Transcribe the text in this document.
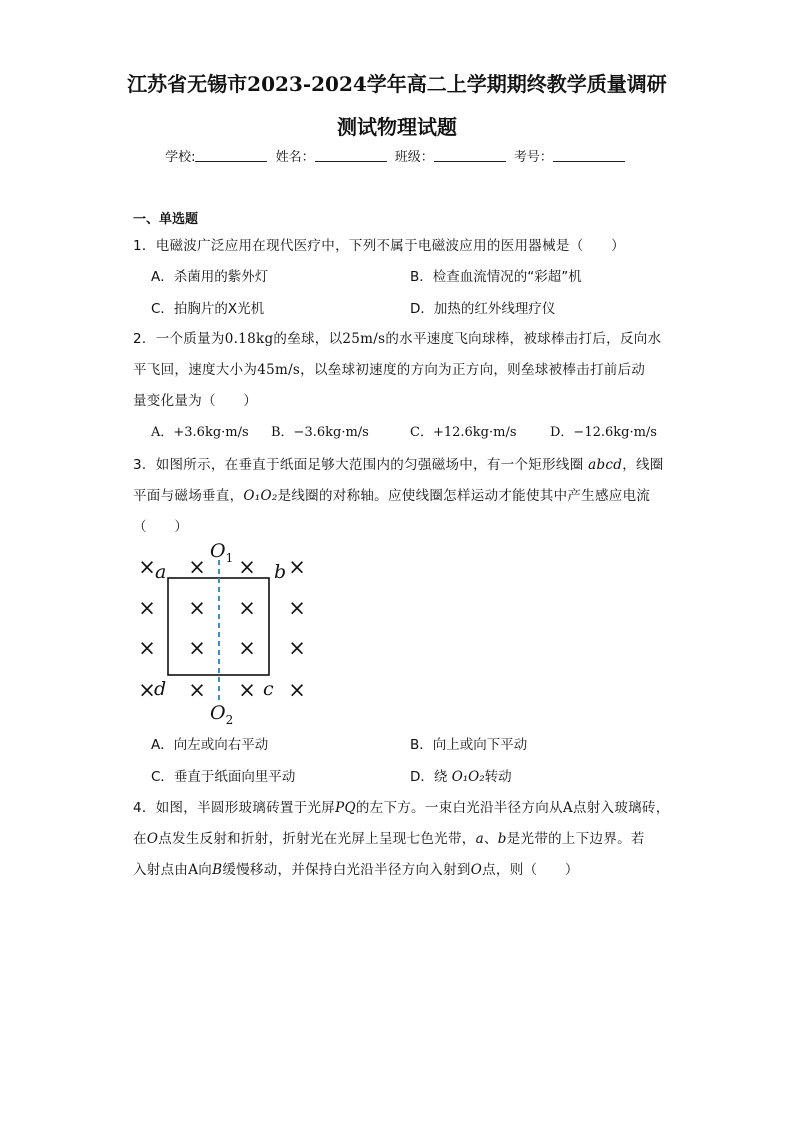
江苏省无锡市2023-2024学年高二上学期期终教学质量调研
测试物理试题
学校:	姓名：	班级：	考号：
一、单选题
1．电磁波广泛应用在现代医疗中，下列不属于电磁波应用的医用器械是（　　）
A．杀菌用的紫外灯	B．检查血流情况的“彩超”机
C．拍胸片的X光机	D．加热的红外线理疗仪
2．一个质量为0.18kg的垒球，以25m/s的水平速度飞向球棒，被球棒击打后，反向水
平飞回，速度大小为45m/s，以垒球初速度的方向为正方向，则垒球被棒击打前后动
量变化量为（　　）
A．+3.6kg·m/s B．−3.6kg·m/s	C．+12.6kg·m/s	D．−12.6kg·m/s
3．如图所示，在垂直于纸面足够大范围内的匀强磁场中，有一个矩形线圈 abcd，线圈
平面与磁场垂直，O₁O₂是线圈的对称轴。应使线圈怎样运动才能使其中产生感应电流
（　　）
× × × ×
× × × ×
× × × ×
× × × ×
$O_1$
$O_2$
a	b
c
d
A．向左或向右平动	B．向上或向下平动
C．垂直于纸面向里平动	D．绕 O₁O₂转动
4．如图，半圆形玻璃砖置于光屏PQ的左下方。一束白光沿半径方向从A点射入玻璃砖，
在O点发生反射和折射，折射光在光屏上呈现七色光带，a、b是光带的上下边界。若
入射点由A向B缓慢移动，并保持白光沿半径方向入射到O点，则（　　）
